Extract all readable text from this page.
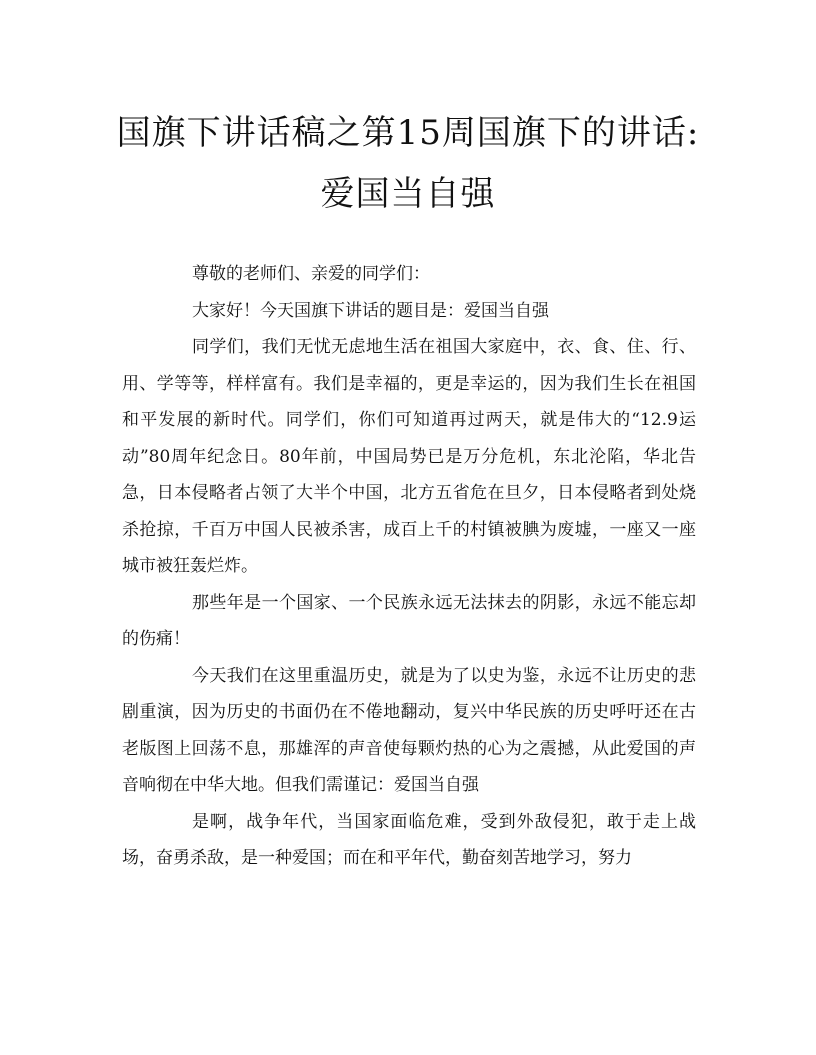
国旗下讲话稿之第15周国旗下的讲话:
爱国当自强

尊敬的老师们、亲爱的同学们：

大家好！今天国旗下讲话的题目是：爱国当自强

同学们，我们无忧无虑地生活在祖国大家庭中，衣、食、住、行、用、学等等，样样富有。我们是幸福的，更是幸运的，因为我们生长在祖国和平发展的新时代。同学们，你们可知道再过两天，就是伟大的“12.9运动”80周年纪念日。80年前，中国局势已是万分危机，东北沦陷，华北告急，日本侵略者占领了大半个中国，北方五省危在旦夕，日本侵略者到处烧杀抢掠，千百万中国人民被杀害，成百上千的村镇被腆为废墟，一座又一座城市被狂轰烂炸。

那些年是一个国家、一个民族永远无法抹去的阴影，永远不能忘却的伤痛！

今天我们在这里重温历史，就是为了以史为鉴，永远不让历史的悲剧重演，因为历史的书面仍在不倦地翻动，复兴中华民族的历史呼吁还在古老版图上回荡不息，那雄浑的声音使每颗灼热的心为之震撼，从此爱国的声音响彻在中华大地。但我们需谨记：爱国当自强

是啊，战争年代，当国家面临危难，受到外敌侵犯，敢于走上战场，奋勇杀敌，是一种爱国；而在和平年代，勤奋刻苦地学习，努力
